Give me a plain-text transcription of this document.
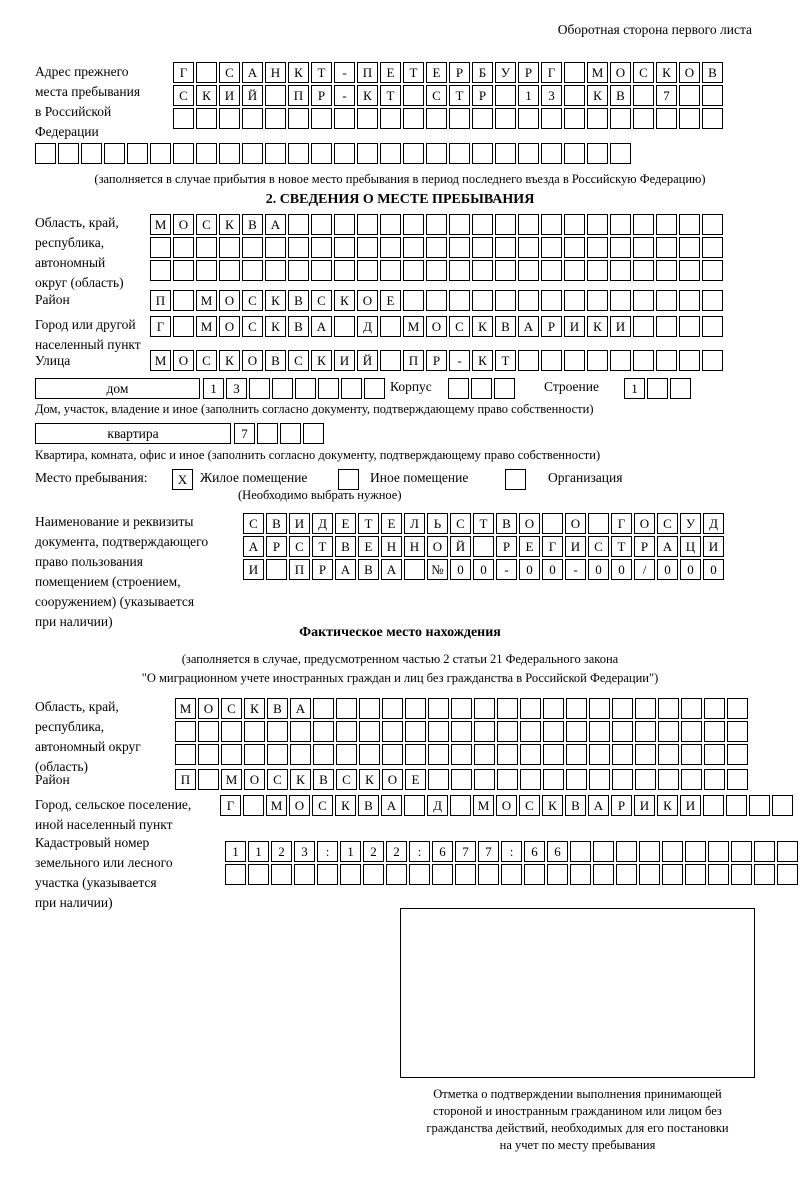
Оборотная сторона первого листа
Адрес прежнего
места пребывания
в Российской
Федерации
Г	С	А	Н	К	Т	-	П	Е	Т	Е	Р	Б	У	Р	Г	М О	С	К	О	В
С	К	И	Й	П	Р	-	К	Т	С	Т	Р	1	3	К	В	7
(заполняется в случае прибытия в новое место пребывания в период последнего въезда в Российскую Федерацию)
2. СВЕДЕНИЯ О МЕСТЕ ПРЕБЫВАНИЯ
Область, край,
республика,
автономный
округ (область)
М О	С	К	В	А
Район	П	М О	С	К	В	С	К	О	Е
Город или другой
населенный пункт
Г	М О	С	К	В	А	Д	М О	С	К	В	А	Р	И	К	И
Улица	М О	С	К	О	В	С	К	И	Й	П	Р	-	К	Т
дом	1	3	Корпус	Строение	1
Дом, участок, владение и иное (заполнить согласно документу, подтверждающему право собственности)
квартира	7
Квартира, комната, офис и иное (заполнить согласно документу, подтверждающему право собственности)
Место пребывания:	X Жилое помещение	Иное помещение	Организация
(Необходимо выбрать нужное)
Наименование и реквизиты
документа, подтверждающего
право пользования
помещением (строением,
сооружением) (указывается
при наличии)
С	В	И	Д	Е	Т	Е	Л	Ь	С	Т	В	О	О	Г	О	С	У	Д
А	Р	С	Т	В	Е	Н	Н	О	Й	Р	Е	Г	И	С	Т	Р	А	Ц	И
И	П	Р	А	В	А	№	0	0	-	0	0	-	0	0	/	0	0	0
Фактическое место нахождения
(заполняется в случае, предусмотренном частью 2 статьи 21 Федерального закона
"О миграционном учете иностранных граждан и лиц без гражданства в Российской Федерации")
Область, край,
республика,
автономный округ
(область)
М О	С	К	В	А
Район	П	М О	С	К	В	С	К	О	Е
Город, сельское поселение,
иной населенный пункт
Г	М О	С	К	В	А	Д	М О	С	К	В	А	Р	И	К	И
Кадастровый номер
земельного или лесного
участка (указывается
при наличии)
1	1	2	3	:	1	2	2	:	6	7	7	:	6	6
Отметка о подтверждении выполнения принимающей
стороной и иностранным гражданином или лицом без
гражданства действий, необходимых для его постановки
на учет по месту пребывания
